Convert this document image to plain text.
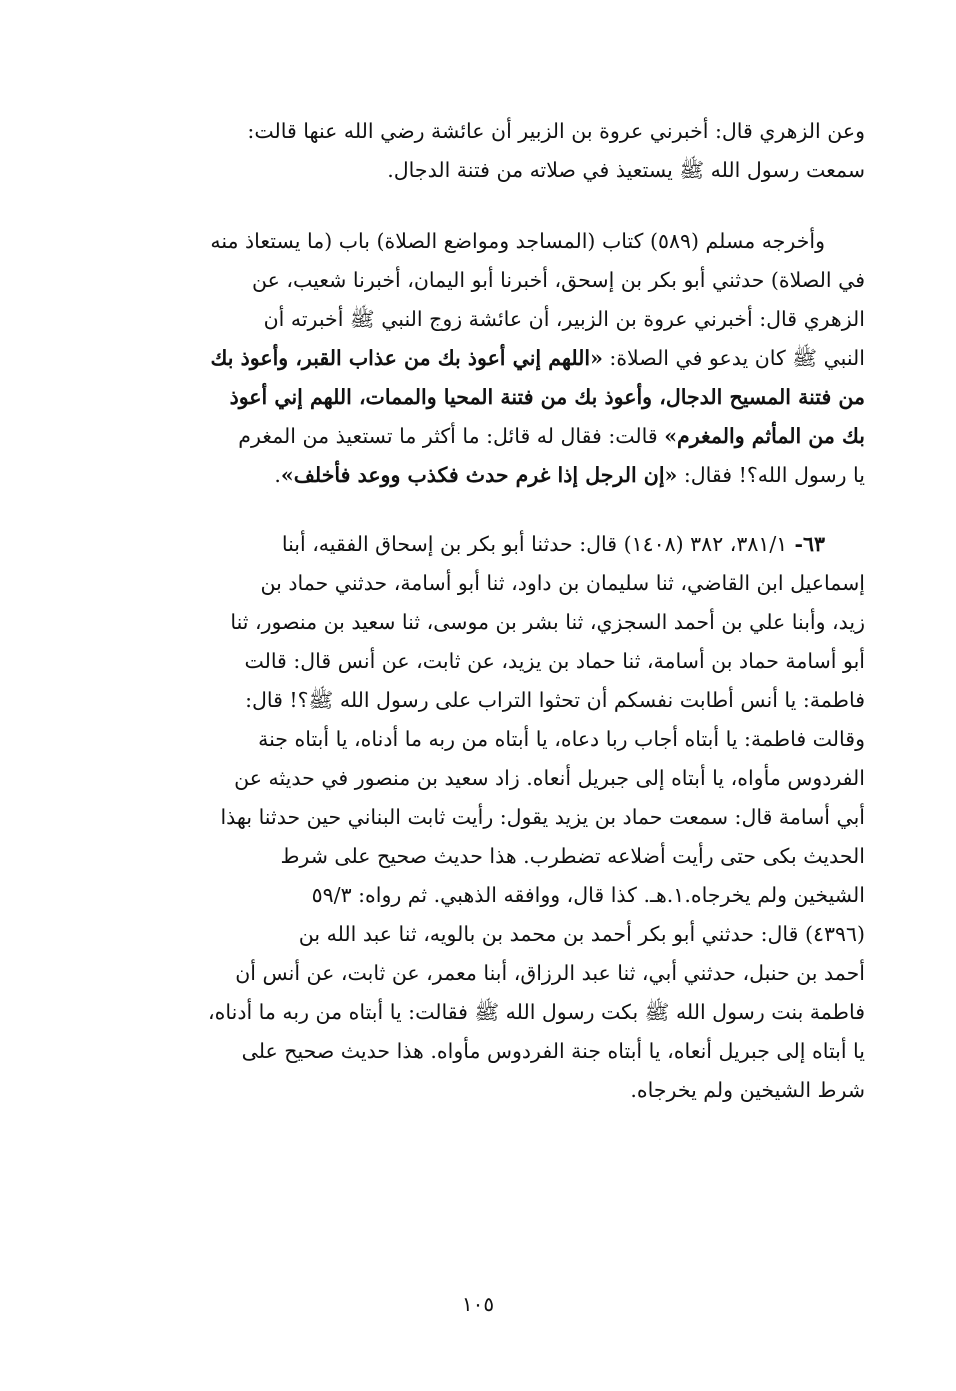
وعن الزهري قال: أخبرني عروة بن الزبير أن عائشة رضي الله عنها قالت:
سمعت رسول الله ﷺ يستعيذ في صلاته من فتنة الدجال.

وأخرجه مسلم (٥٨٩) كتاب (المساجد ومواضع الصلاة) باب (ما يستعاذ منه
في الصلاة) حدثني أبو بكر بن إسحق، أخبرنا أبو اليمان، أخبرنا شعيب، عن
الزهري قال: أخبرني عروة بن الزبير، أن عائشة زوج النبي ﷺ أخبرته أن
النبي ﷺ كان يدعو في الصلاة: «اللهم إني أعوذ بك من عذاب القبر، وأعوذ بك
من فتنة المسيح الدجال، وأعوذ بك من فتنة المحيا والممات، اللهم إني أعوذ
بك من المأثم والمغرم» قالت: فقال له قائل: ما أكثر ما تستعيذ من المغرم
يا رسول الله؟! فقال: «إن الرجل إذا غرم حدث فكذب ووعد فأخلف».

٦٣- ٣٨١/١، ٣٨٢ (١٤٠٨) قال: حدثنا أبو بكر بن إسحاق الفقيه، أبنا
إسماعيل ابن القاضي، ثنا سليمان بن داود، ثنا أبو أسامة، حدثني حماد بن
زيد، وأبنا علي بن أحمد السجزي، ثنا بشر بن موسى، ثنا سعيد بن منصور، ثنا
أبو أسامة حماد بن أسامة، ثنا حماد بن يزيد، عن ثابت، عن أنس قال: قالت
فاطمة: يا أنس أطابت نفسكم أن تحثوا التراب على رسول الله ﷺ؟! قال:
وقالت فاطمة: يا أبتاه أجاب ربا دعاه، يا أبتاه من ربه ما أدناه، يا أبتاه جنة
الفردوس مأواه، يا أبتاه إلى جبريل أنعاه. زاد سعيد بن منصور في حديثه عن
أبي أسامة قال: سمعت حماد بن يزيد يقول: رأيت ثابت البناني حين حدثنا بهذا
الحديث بكى حتى رأيت أضلاعه تضطرب. هذا حديث صحيح على شرط
الشيخين ولم يخرجاه.١.هـ. كذا قال، ووافقه الذهبي. ثم رواه: ٥٩/٣
(٤٣٩٦) قال: حدثني أبو بكر أحمد بن محمد بن بالويه، ثنا عبد الله بن
أحمد بن حنبل، حدثني أبي، ثنا عبد الرزاق، أبنا معمر، عن ثابت، عن أنس أن
فاطمة بنت رسول الله ﷺ بكت رسول الله ﷺ فقالت: يا أبتاه من ربه ما أدناه،
يا أبتاه إلى جبريل أنعاه، يا أبتاه جنة الفردوس مأواه. هذا حديث صحيح على
شرط الشيخين ولم يخرجاه.

١٠٥
